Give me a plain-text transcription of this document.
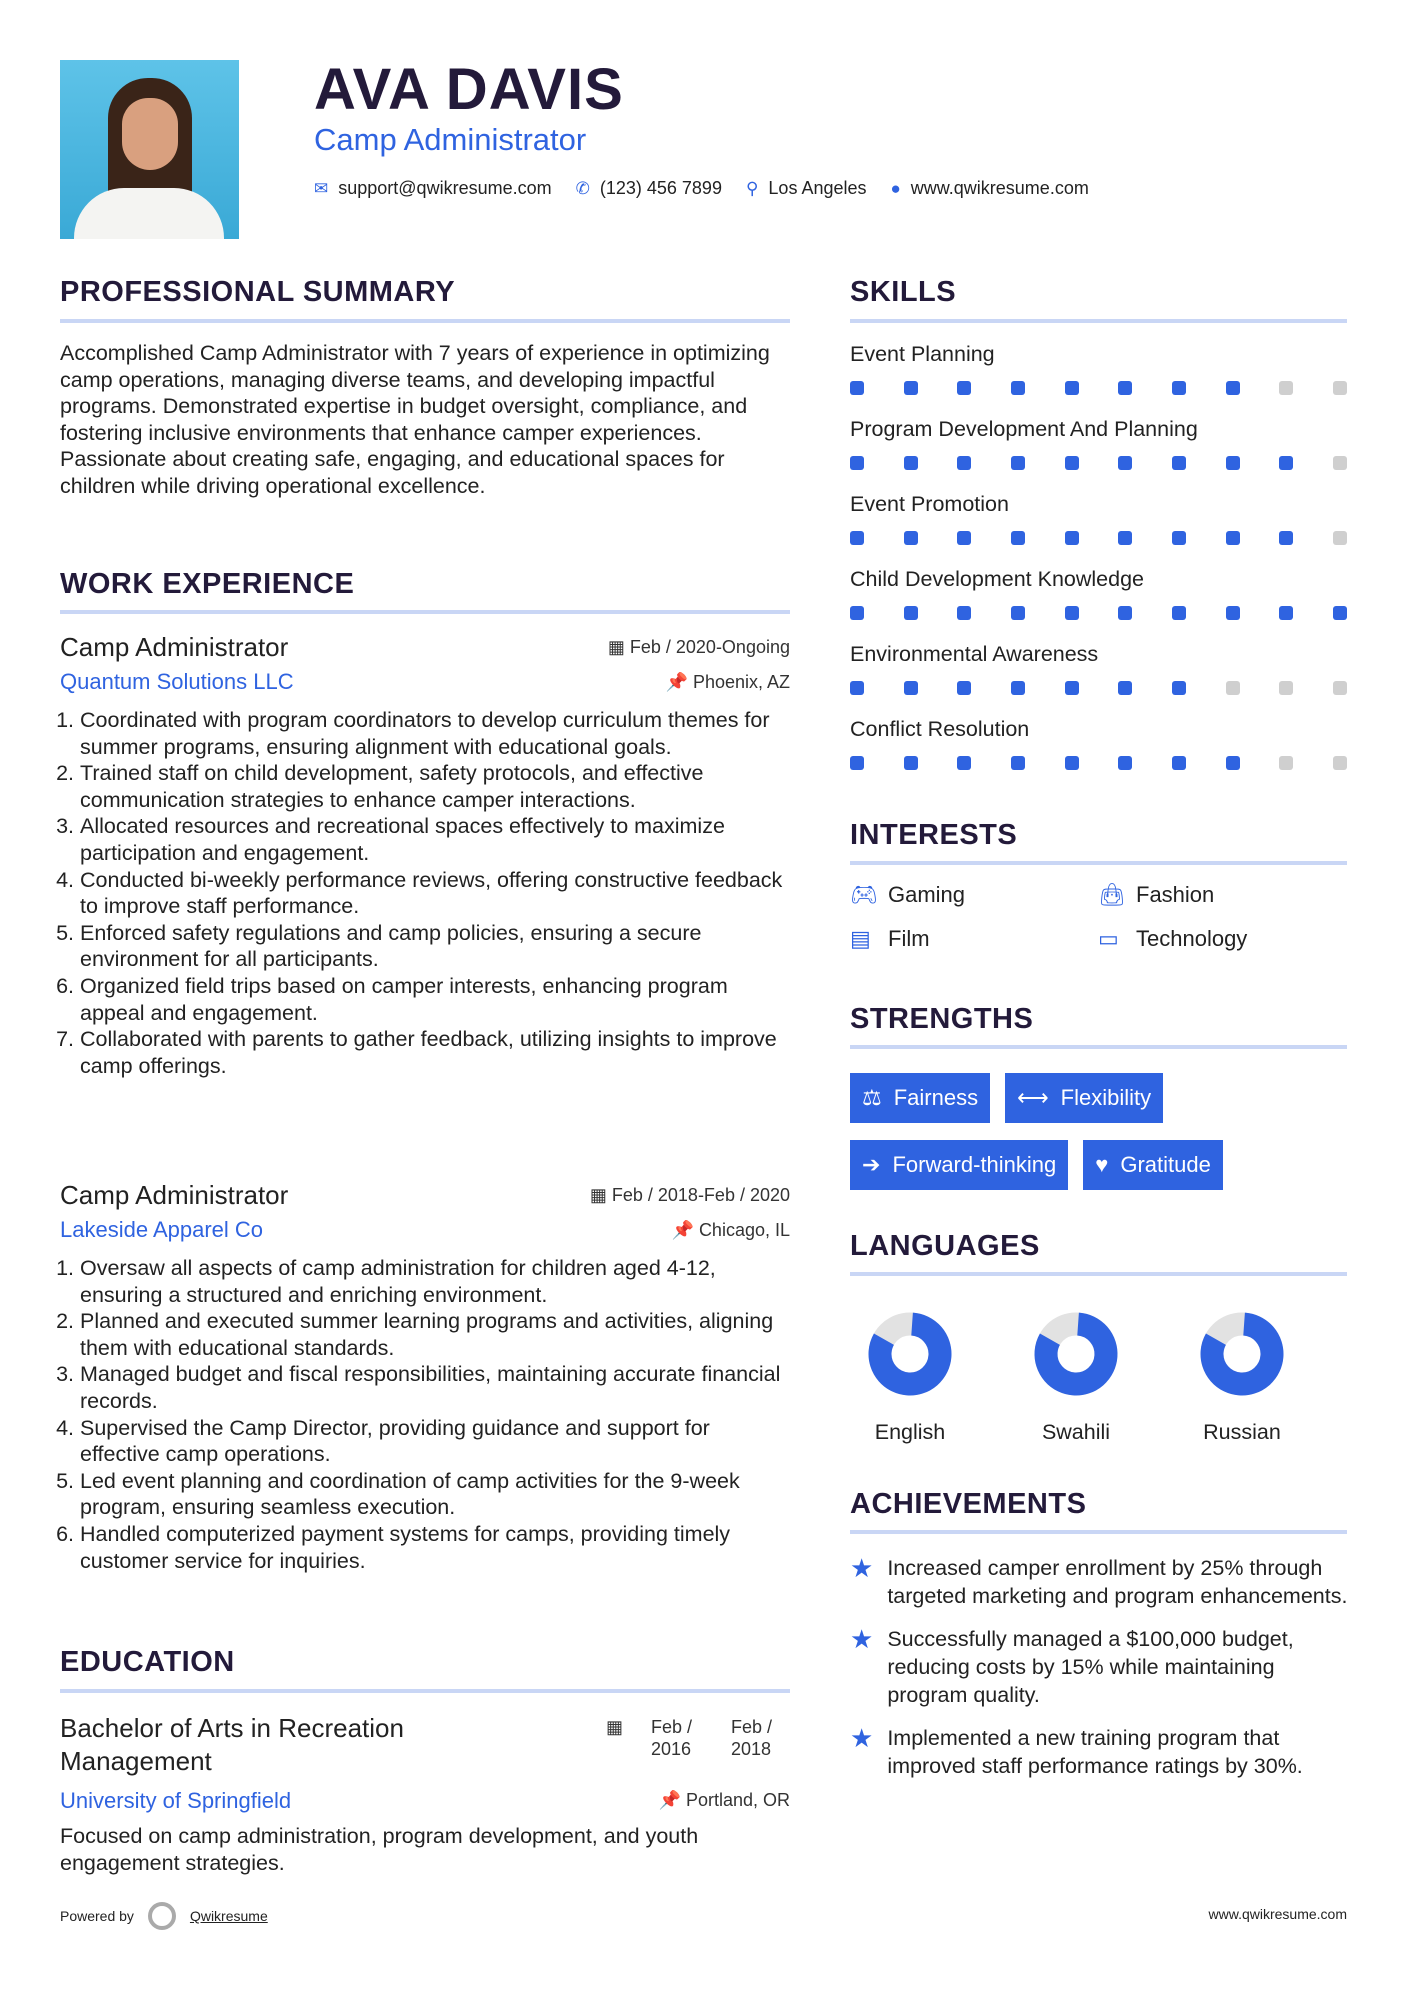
AVA DAVIS
Camp Administrator
✉ support@qwikresume.com ✆ (123) 456 7899 ⚲ Los Angeles ● www.qwikresume.com
PROFESSIONAL SUMMARY
Accomplished Camp Administrator with 7 years of experience in optimizing camp operations, managing diverse teams, and developing impactful programs. Demonstrated expertise in budget oversight, compliance, and fostering inclusive environments that enhance camper experiences. Passionate about creating safe, engaging, and educational spaces for children while driving operational excellence.
WORK EXPERIENCE
Camp Administrator	▦ Feb / 2020-Ongoing
Quantum Solutions LLC	📌 Phoenix, AZ
1. Coordinated with program coordinators to develop curriculum themes for summer programs, ensuring alignment with educational goals.
2. Trained staff on child development, safety protocols, and effective communication strategies to enhance camper interactions.
3. Allocated resources and recreational spaces effectively to maximize participation and engagement.
4. Conducted bi-weekly performance reviews, offering constructive feedback to improve staff performance.
5. Enforced safety regulations and camp policies, ensuring a secure environment for all participants.
6. Organized field trips based on camper interests, enhancing program appeal and engagement.
7. Collaborated with parents to gather feedback, utilizing insights to improve camp offerings.
Camp Administrator	▦ Feb / 2018-Feb / 2020
Lakeside Apparel Co	📌 Chicago, IL
1. Oversaw all aspects of camp administration for children aged 4-12, ensuring a structured and enriching environment.
2. Planned and executed summer learning programs and activities, aligning them with educational standards.
3. Managed budget and fiscal responsibilities, maintaining accurate financial records.
4. Supervised the Camp Director, providing guidance and support for effective camp operations.
5. Led event planning and coordination of camp activities for the 9-week program, ensuring seamless execution.
6. Handled computerized payment systems for camps, providing timely customer service for inquiries.
EDUCATION
Bachelor of Arts in Recreation Management
▦ Feb / 2016
Feb / 2018
University of Springfield	📌 Portland, OR
Focused on camp administration, program development, and youth engagement strategies.
Powered by	Qwikresume	www.qwikresume.com
SKILLS
Event Planning
Program Development And Planning
Event Promotion
Child Development Knowledge
Environmental Awareness
Conflict Resolution
INTERESTS
🎮︎ Gaming	👜︎ Fashion
▤ Film	▭ Technology
STRENGTHS
⚖ Fairness ⟷ Flexibility
➔ Forward-thinking ♥ Gratitude
LANGUAGES
English	Swahili	Russian
ACHIEVEMENTS
★ Increased camper enrollment by 25% through targeted marketing and program enhancements.
★ Successfully managed a $100,000 budget, reducing costs by 15% while maintaining program quality.
★ Implemented a new training program that improved staff performance ratings by 30%.
